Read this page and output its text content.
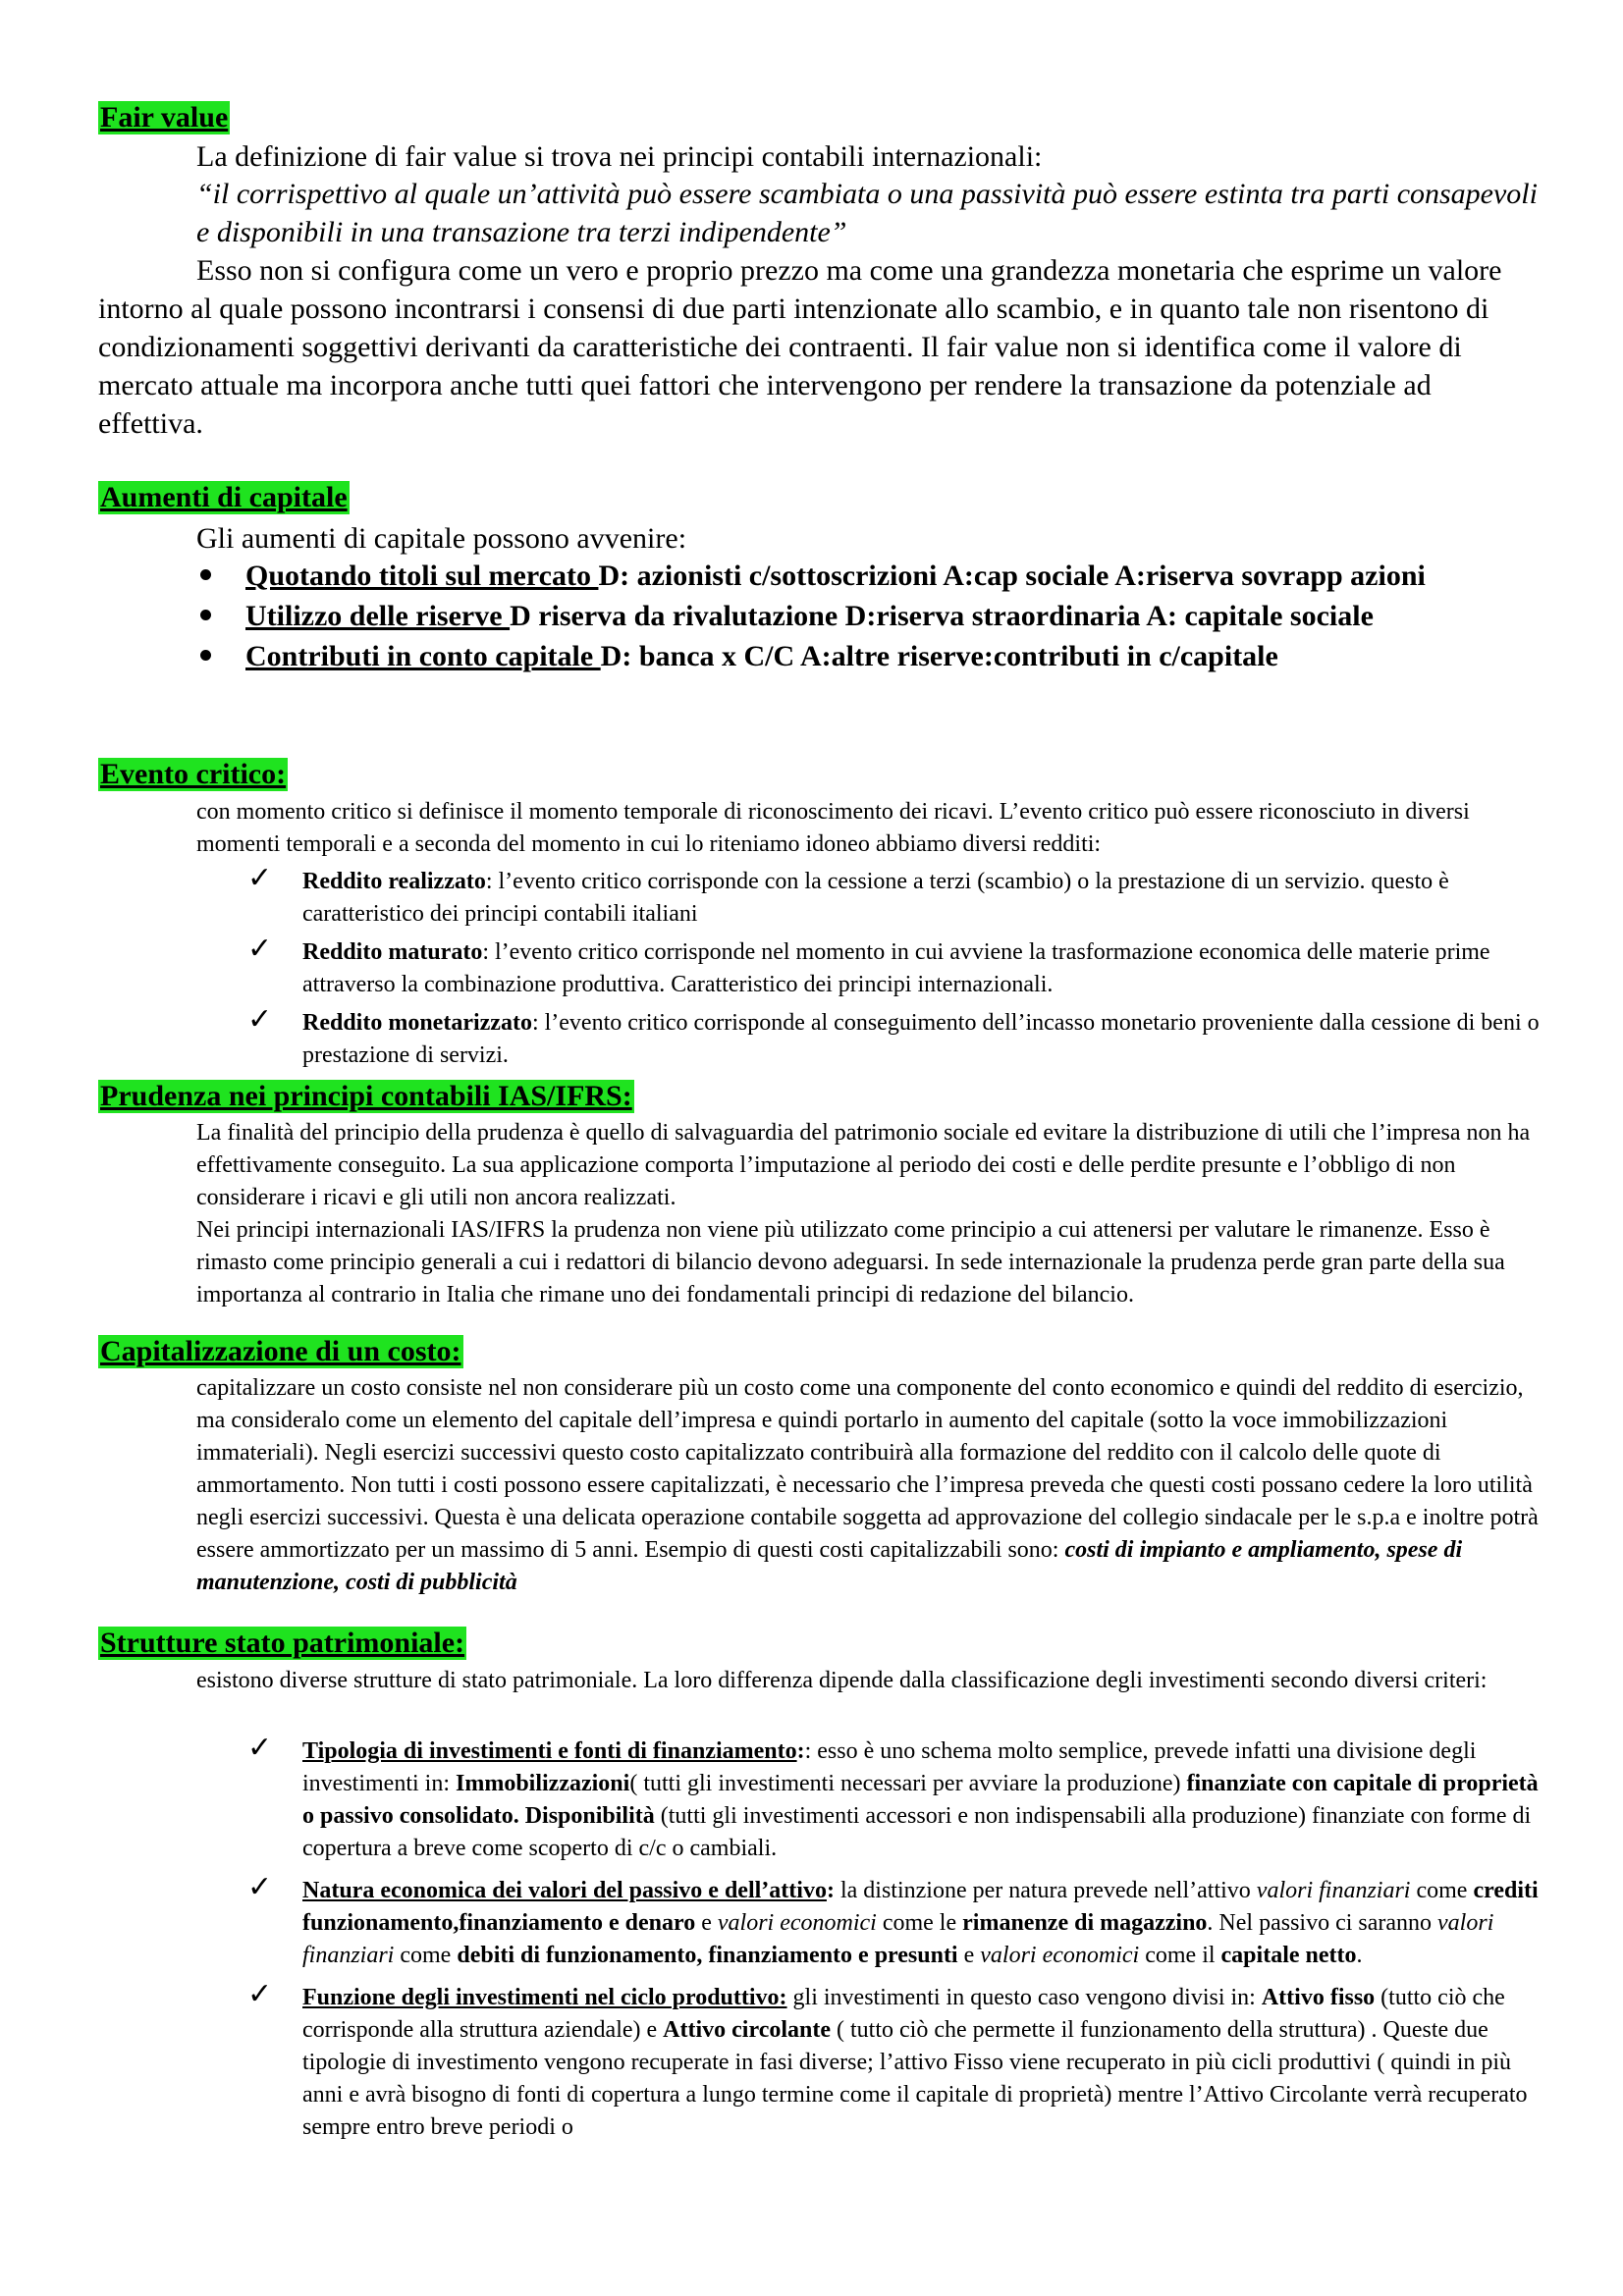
Fair value

La definizione di fair value si trova nei principi contabili internazionali:

“il corrispettivo al quale un’attività può essere scambiata o una passività può essere estinta tra parti consapevoli e disponibili in una transazione tra terzi indipendente”

Esso non si configura come un vero e proprio prezzo ma come una grandezza monetaria che esprime un valore intorno al quale possono incontrarsi i consensi di due parti intenzionate allo scambio, e in quanto tale non risentono di condizionamenti soggettivi derivanti da caratteristiche dei contraenti. Il fair value non si identifica come il valore di mercato attuale ma incorpora anche tutti quei fattori che intervengono per rendere la transazione da potenziale ad effettiva.

Aumenti di capitale

Gli aumenti di capitale possono avvenire:

Quotando titoli sul mercato D: azionisti c/sottoscrizioni A:cap sociale A:riserva sovrapp azioni
Utilizzo delle riserve D riserva da rivalutazione D:riserva straordinaria A: capitale sociale
Contributi in conto capitale D: banca x C/C A:altre riserve:contributi in c/capitale
Evento critico:

con momento critico si definisce il momento temporale di riconoscimento dei ricavi. L’evento critico può essere riconosciuto in diversi momenti temporali e a seconda del momento in cui lo riteniamo idoneo abbiamo diversi redditi:

✓ Reddito realizzato: l’evento critico corrisponde con la cessione a terzi (scambio) o la prestazione di un servizio. questo è caratteristico dei principi contabili italiani
✓ Reddito maturato: l’evento critico corrisponde nel momento in cui avviene la trasformazione economica delle materie prime attraverso la combinazione produttiva. Caratteristico dei principi internazionali.
✓ Reddito monetarizzato: l’evento critico corrisponde al conseguimento dell’incasso monetario proveniente dalla cessione di beni o prestazione di servizi.
Prudenza nei principi contabili IAS/IFRS:

La finalità del principio della prudenza è quello di salvaguardia del patrimonio sociale ed evitare la distribuzione di utili che l’impresa non ha effettivamente conseguito. La sua applicazione comporta l’imputazione al periodo dei costi e delle perdite presunte e l’obbligo di non considerare i ricavi e gli utili non ancora realizzati.

Nei principi internazionali IAS/IFRS la prudenza non viene più utilizzato come principio a cui attenersi per valutare le rimanenze. Esso è rimasto come principio generali a cui i redattori di bilancio devono adeguarsi. In sede internazionale la prudenza perde gran parte della sua importanza al contrario in Italia che rimane uno dei fondamentali principi di redazione del bilancio.

Capitalizzazione di un costo:

capitalizzare un costo consiste nel non considerare più un costo come una componente del conto economico e quindi del reddito di esercizio, ma consideralo come un elemento del capitale dell’impresa e quindi portarlo in aumento del capitale (sotto la voce immobilizzazioni immateriali). Negli esercizi successivi questo costo capitalizzato contribuirà alla formazione del reddito con il calcolo delle quote di ammortamento. Non tutti i costi possono essere capitalizzati, è necessario che l’impresa preveda che questi costi possano cedere la loro utilità negli esercizi successivi. Questa è una delicata operazione contabile soggetta ad approvazione del collegio sindacale per le s.p.a e inoltre potrà essere ammortizzato per un massimo di 5 anni. Esempio di questi costi capitalizzabili sono: costi di impianto e ampliamento, spese di manutenzione, costi di pubblicità

Strutture stato patrimoniale:

esistono diverse strutture di stato patrimoniale. La loro differenza dipende dalla classificazione degli investimenti secondo diversi criteri:

✓ Tipologia di investimenti e fonti di finanziamento:: esso è uno schema molto semplice, prevede infatti una divisione degli investimenti in: Immobilizzazioni( tutti gli investimenti necessari per avviare la produzione) finanziate con capitale di proprietà o passivo consolidato. Disponibilità (tutti gli investimenti accessori e non indispensabili alla produzione) finanziate con forme di copertura a breve come scoperto di c/c o cambiali.
✓ Natura economica dei valori del passivo e dell’attivo: la distinzione per natura prevede nell’attivo valori finanziari come crediti funzionamento,finanziamento e denaro e valori economici come le rimanenze di magazzino. Nel passivo ci saranno valori finanziari come debiti di funzionamento, finanziamento e presunti e valori economici come il capitale netto.
✓ Funzione degli investimenti nel ciclo produttivo: gli investimenti in questo caso vengono divisi in: Attivo fisso (tutto ciò che corrisponde alla struttura aziendale) e Attivo circolante ( tutto ciò che permette il funzionamento della struttura) . Queste due tipologie di investimento vengono recuperate in fasi diverse; l’attivo Fisso viene recuperato in più cicli produttivi ( quindi in più anni e avrà bisogno di fonti di copertura a lungo termine come il capitale di proprietà) mentre l’Attivo Circolante verrà recuperato sempre entro breve periodi o
